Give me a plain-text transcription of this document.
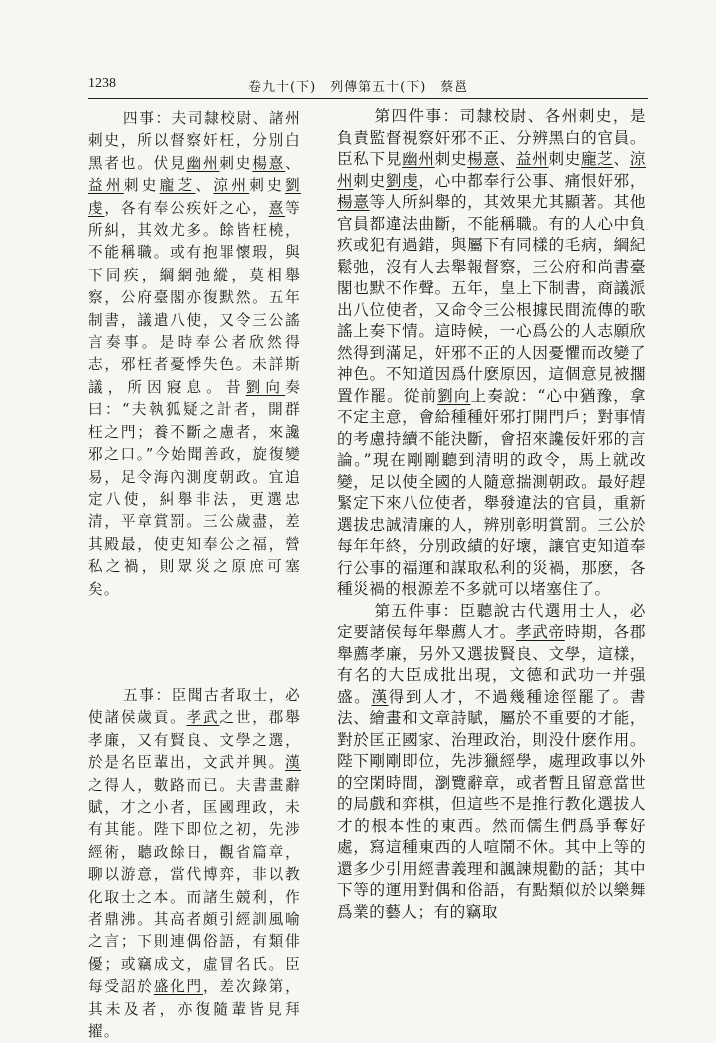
1238	卷九十(下)　列傳第五十(下)　蔡邕

四事：夫司隸校尉、諸州刺史，所以督察奸枉，分別白黑者也。伏見幽州刺史楊憙、益州刺史龐芝、涼州刺史劉虔，各有奉公疾奸之心，憙等所糾，其效尤多。餘皆枉橈，不能稱職。或有抱罪懷瑕，與下同疾，綱網弛縱，莫相舉察，公府臺閣亦復默然。五年制書，議遣八使，又令三公謠言奏事。是時奉公者欣然得志，邪枉者憂悸失色。未詳斯議，所因寢息。昔劉向奏曰：“夫執狐疑之計者，開群枉之門；養不斷之慮者，來讒邪之口。”今始聞善政，旋復變易，足令海內測度朝政。宜追定八使，糾舉非法，更選忠清，平章賞罰。三公歲盡，差其殿最，使吏知奉公之福，營私之禍，則眾災之原庶可塞矣。

五事：臣聞古者取士，必使諸侯歲貢。孝武之世，郡舉孝廉，又有賢良、文學之選，於是名臣輩出，文武并興。漢之得人，數路而已。夫書畫辭賦，才之小者，匡國理政，未有其能。陛下即位之初，先涉經術，聽政餘日，觀省篇章，聊以游意，當代博弈，非以教化取士之本。而諸生競利，作者鼎沸。其高者頗引經訓風喻之言；下則連偶俗語，有類俳優；或竊成文，虛冒名氏。臣每受詔於盛化門，差次錄第，其未及者，亦復隨輩皆見拜擢。

第四件事：司隸校尉、各州刺史，是負責監督視察奸邪不正、分辨黑白的官員。臣私下見幽州刺史楊憙、益州刺史龐芝、涼州刺史劉虔，心中都奉行公事、痛恨奸邪，楊憙等人所糾舉的，其效果尤其顯著。其他官員都違法曲斷，不能稱職。有的人心中負疚或犯有過錯，與屬下有同樣的毛病，綱紀鬆弛，沒有人去舉報督察，三公府和尚書臺閣也默不作聲。五年，皇上下制書，商議派出八位使者，又命令三公根據民間流傳的歌謠上奏下情。這時候，一心爲公的人志願欣然得到滿足，奸邪不正的人因憂懼而改變了神色。不知道因爲什麽原因，這個意見被擱置作罷。從前劉向上奏說：“心中猶豫，拿不定主意，會給種種奸邪打開門戶；對事情的考慮持續不能決斷，會招來讒佞奸邪的言論。”現在剛剛聽到清明的政令，馬上就改變，足以使全國的人隨意揣測朝政。最好趕緊定下來八位使者，舉發違法的官員，重新選拔忠誠清廉的人，辨別彰明賞罰。三公於每年年終，分別政績的好壞，讓官吏知道奉行公事的福運和謀取私利的災禍，那麽，各種災禍的根源差不多就可以堵塞住了。

第五件事：臣聽說古代選用士人，必定要諸侯每年舉薦人才。孝武帝時期，各郡舉薦孝廉，另外又選拔賢良、文學，這樣，有名的大臣成批出現，文德和武功一并强盛。漢得到人才，不過幾種途徑罷了。書法、繪畫和文章詩賦，屬於不重要的才能，對於匡正國家、治理政治，則没什麽作用。陛下剛剛即位，先涉獵經學，處理政事以外的空閑時間，瀏覽辭章，或者暫且留意當世的局戲和弈棋，但這些不是推行教化選拔人才的根本性的東西。然而儒生們爲爭奪好處，寫這種東西的人喧鬧不休。其中上等的還多少引用經書義理和諷諫規勸的話；其中下等的運用對偶和俗語，有點類似於以樂舞爲業的藝人；有的竊取
